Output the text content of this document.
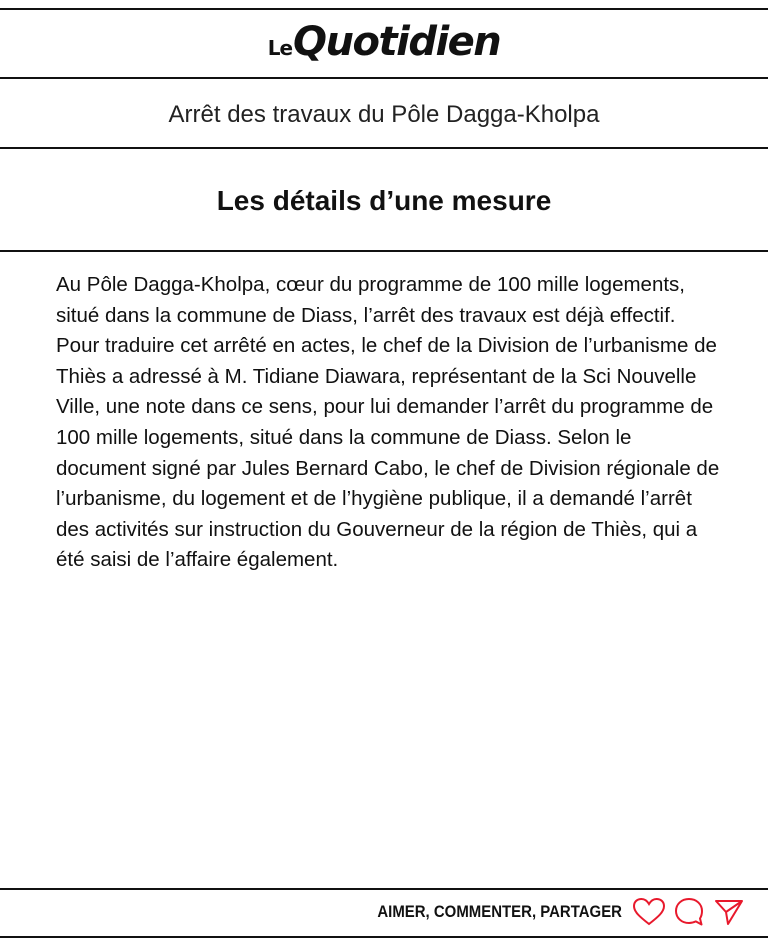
LeQuotidien
Arrêt des travaux du Pôle Dagga-Kholpa
Les détails d’une mesure

Au Pôle Dagga-Kholpa, cœur du programme de 100 mille logements, situé dans la commune de Diass, l’arrêt des travaux est déjà effectif. Pour traduire cet arrêté en actes, le chef de la Division de l’urbanisme de Thiès a adressé à M. Tidiane Diawara, représentant de la Sci Nouvelle Ville, une note dans ce sens, pour lui demander l’arrêt du programme de 100 mille logements, situé dans la commune de Diass. Selon le document signé par Jules Bernard Cabo, le chef de Division régionale de l’urbanisme, du logement et de l’hygiène publique, il a demandé l’arrêt des activités sur instruction du Gouverneur de la région de Thiès, qui a été saisi de l’affaire également.

AIMER, COMMENTER, PARTAGER
